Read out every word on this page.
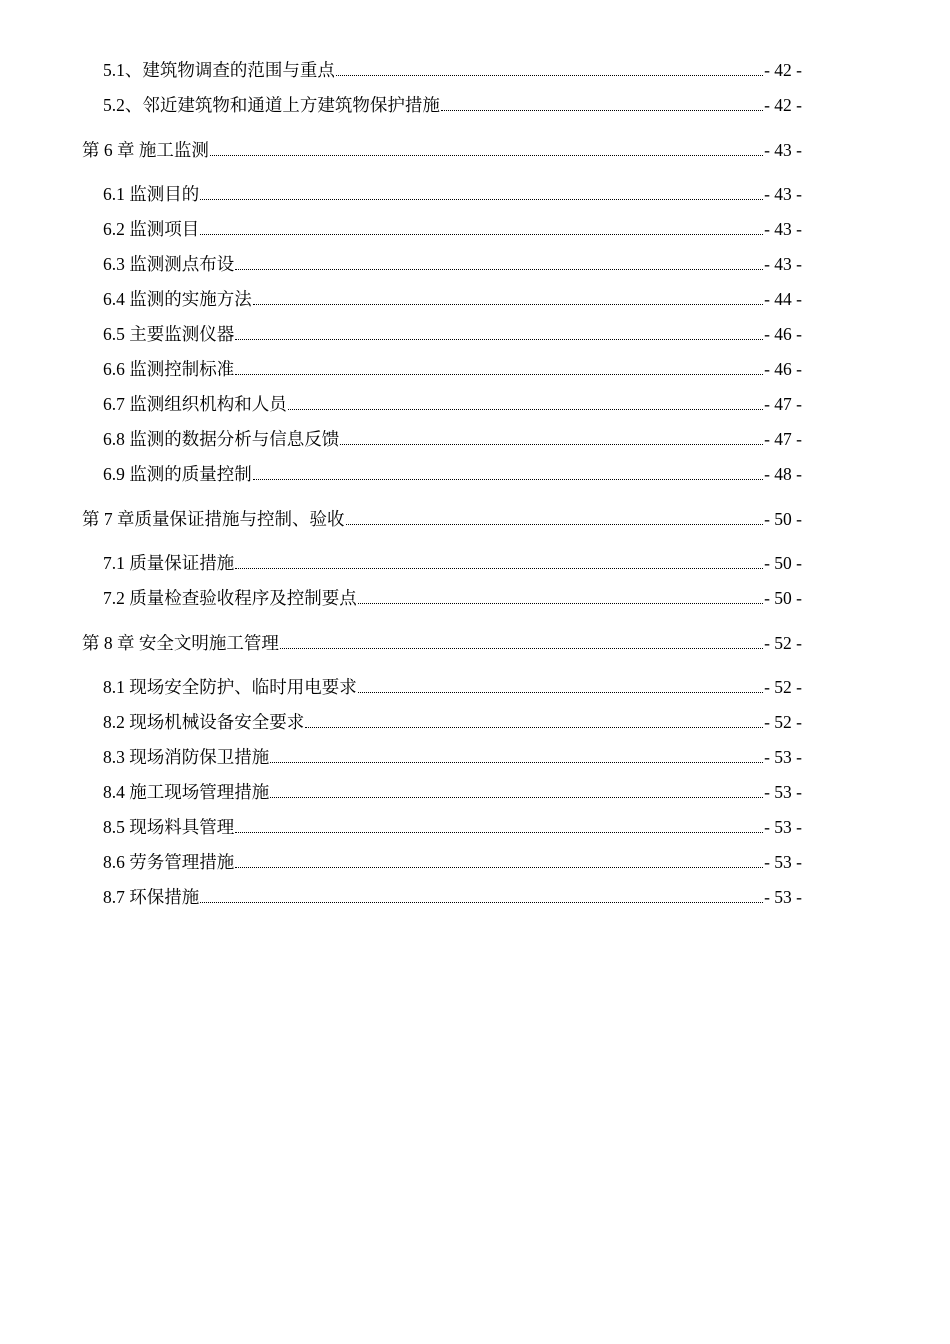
5.1、建筑物调查的范围与重点	- 42 -
5.2、邻近建筑物和通道上方建筑物保护措施	- 42 -
第 6 章 施工监测	- 43 -
6.1 监测目的	- 43 -
6.2 监测项目	- 43 -
6.3 监测测点布设	- 43 -
6.4 监测的实施方法	- 44 -
6.5 主要监测仪器	- 46 -
6.6 监测控制标准	- 46 -
6.7 监测组织机构和人员	- 47 -
6.8 监测的数据分析与信息反馈	- 47 -
6.9 监测的质量控制	- 48 -
第 7 章质量保证措施与控制、验收	- 50 -
7.1 质量保证措施	- 50 -
7.2 质量检查验收程序及控制要点	- 50 -
第 8 章 安全文明施工管理	- 52 -
8.1 现场安全防护、临时用电要求	- 52 -
8.2 现场机械设备安全要求	- 52 -
8.3 现场消防保卫措施	- 53 -
8.4 施工现场管理措施	- 53 -
8.5 现场料具管理	- 53 -
8.6 劳务管理措施	- 53 -
8.7 环保措施	- 53 -
